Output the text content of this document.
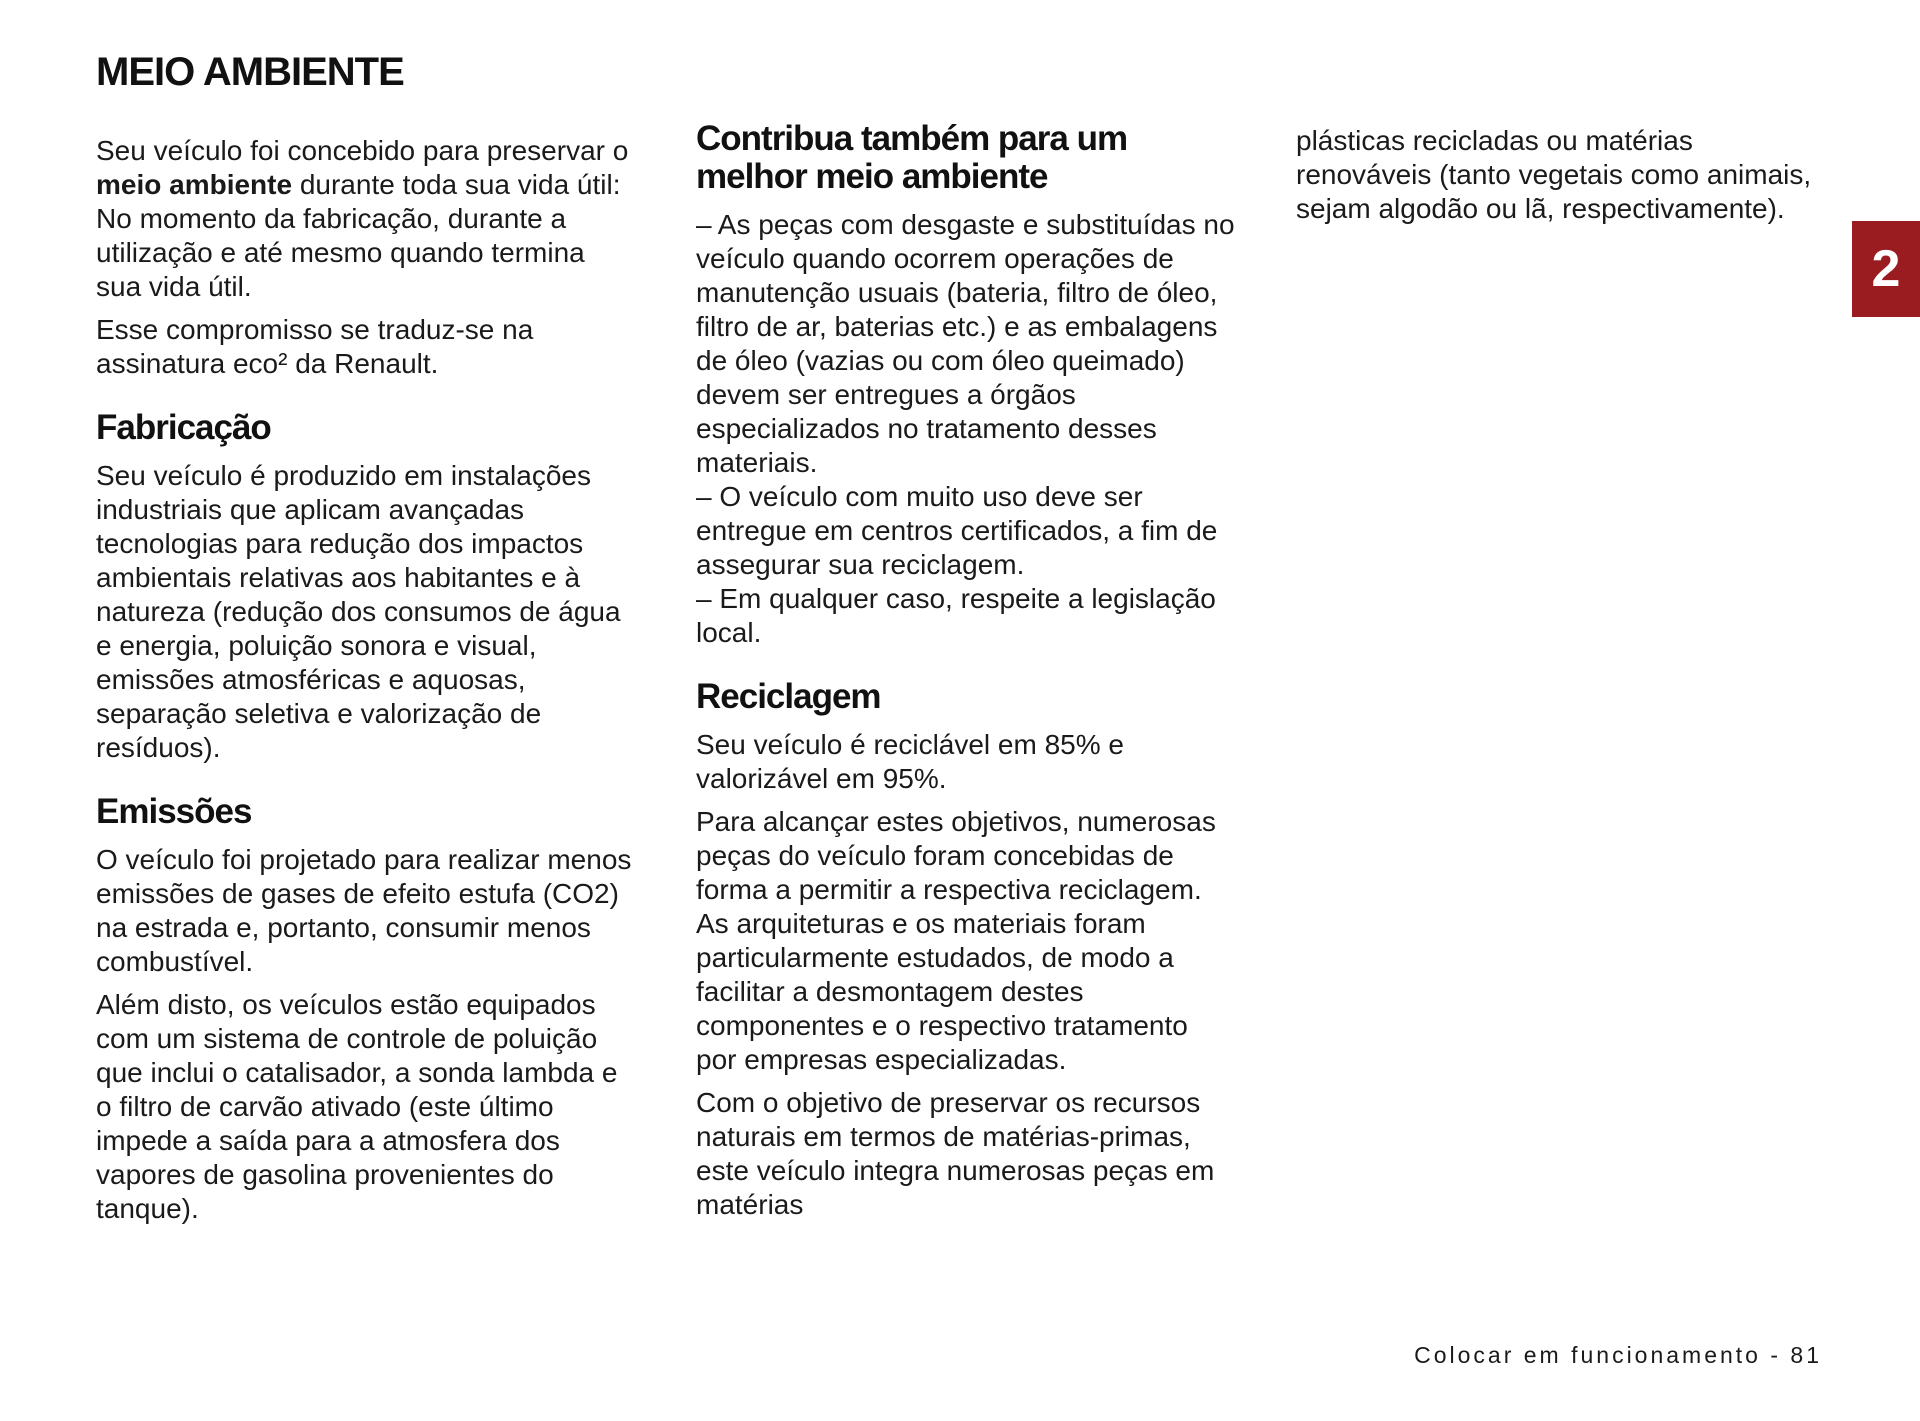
MEIO AMBIENTE

Seu veículo foi concebido para preservar o meio ambiente durante toda sua vida útil: No momento da fabricação, durante a utilização e até mesmo quando termina sua vida útil.

Esse compromisso se traduz-se na assinatura eco² da Renault.

Fabricação

Seu veículo é produzido em instalações industriais que aplicam avançadas tecnologias para redução dos impactos ambientais relativas aos habitantes e à natureza (redução dos consumos de água e energia, poluição sonora e visual, emissões atmosféricas e aquosas, separação seletiva e valorização de resíduos).

Emissões

O veículo foi projetado para realizar menos emissões de gases de efeito estufa (CO2) na estrada e, portanto, consumir menos combustível.

Além disto, os veículos estão equipados com um sistema de controle de poluição que inclui o catalisador, a sonda lambda e o filtro de carvão ativado (este último impede a saída para a atmosfera dos vapores de gasolina provenientes do tanque).

Contribua também para um melhor meio ambiente

– As peças com desgaste e substituídas no veículo quando ocorrem operações de manutenção usuais (bateria, filtro de óleo, filtro de ar, baterias etc.) e as embalagens de óleo (vazias ou com óleo queimado) devem ser entregues a órgãos especializados no tratamento desses materiais.

– O veículo com muito uso deve ser entregue em centros certificados, a fim de assegurar sua reciclagem.

– Em qualquer caso, respeite a legislação local.

Reciclagem

Seu veículo é reciclável em 85% e valorizável em 95%.

Para alcançar estes objetivos, numerosas peças do veículo foram concebidas de forma a permitir a respectiva reciclagem. As arquiteturas e os materiais foram particularmente estudados, de modo a facilitar a desmontagem destes componentes e o respectivo tratamento por empresas especializadas.

Com o objetivo de preservar os recursos naturais em termos de matérias-primas, este veículo integra numerosas peças em matérias

plásticas recicladas ou matérias renováveis (tanto vegetais como animais, sejam algodão ou lã, respectivamente).

2
Colocar em funcionamento - 81
